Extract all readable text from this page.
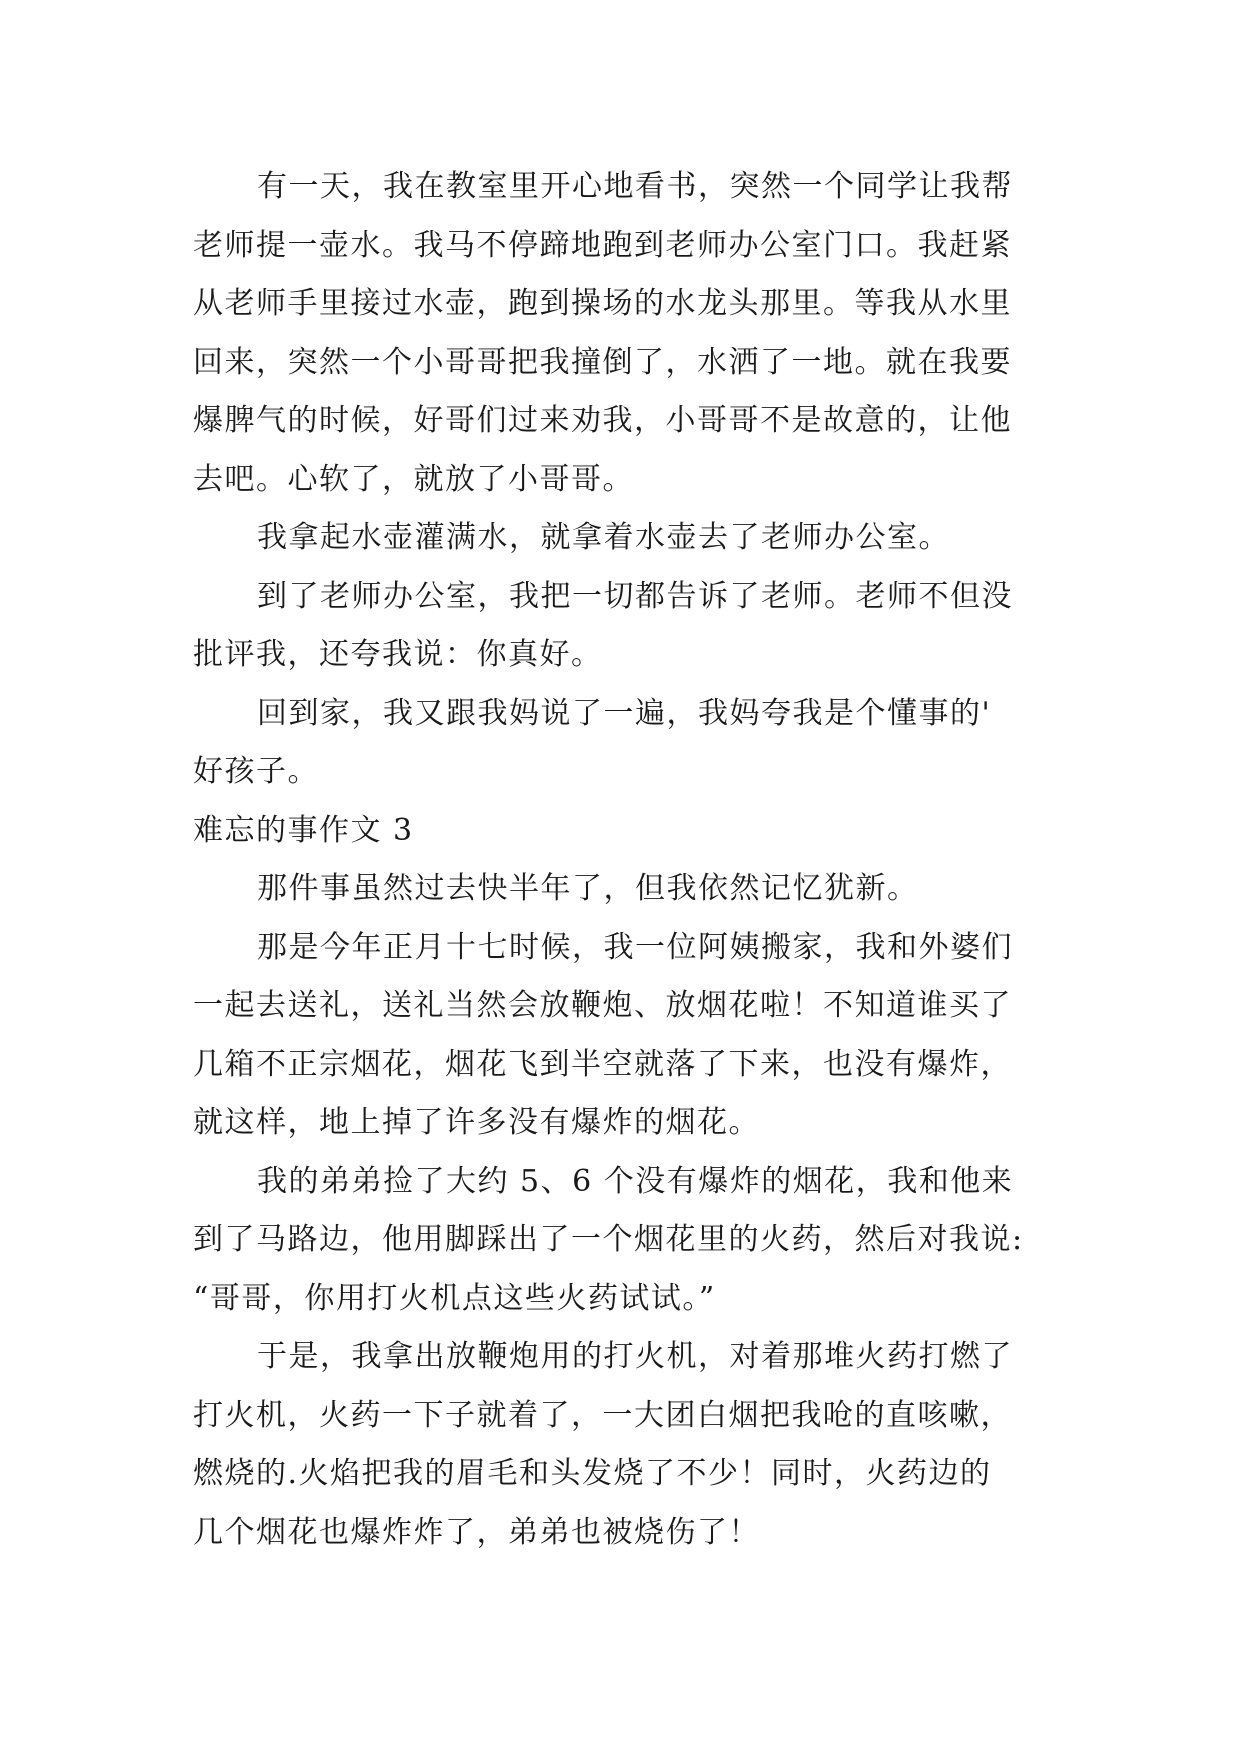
有一天，我在教室里开心地看书，突然一个同学让我帮
老师提一壶水。我马不停蹄地跑到老师办公室门口。我赶紧
从老师手里接过水壶，跑到操场的水龙头那里。等我从水里
回来，突然一个小哥哥把我撞倒了，水洒了一地。就在我要
爆脾气的时候，好哥们过来劝我，小哥哥不是故意的，让他
去吧。心软了，就放了小哥哥。
我拿起水壶灌满水，就拿着水壶去了老师办公室。
到了老师办公室，我把一切都告诉了老师。老师不但没
批评我，还夸我说：你真好。
回到家，我又跟我妈说了一遍，我妈夸我是个懂事的'
好孩子。
难忘的事作文 3
那件事虽然过去快半年了，但我依然记忆犹新。
那是今年正月十七时候，我一位阿姨搬家，我和外婆们
一起去送礼，送礼当然会放鞭炮、放烟花啦！不知道谁买了
几箱不正宗烟花，烟花飞到半空就落了下来，也没有爆炸，
就这样，地上掉了许多没有爆炸的烟花。
我的弟弟捡了大约 5、6 个没有爆炸的烟花，我和他来
到了马路边，他用脚踩出了一个烟花里的火药，然后对我说:
“哥哥，你用打火机点这些火药试试。”
于是，我拿出放鞭炮用的打火机，对着那堆火药打燃了
打火机，火药一下子就着了，一大团白烟把我呛的直咳嗽，
燃烧的.火焰把我的眉毛和头发烧了不少！同时，火药边的
几个烟花也爆炸炸了，弟弟也被烧伤了！
